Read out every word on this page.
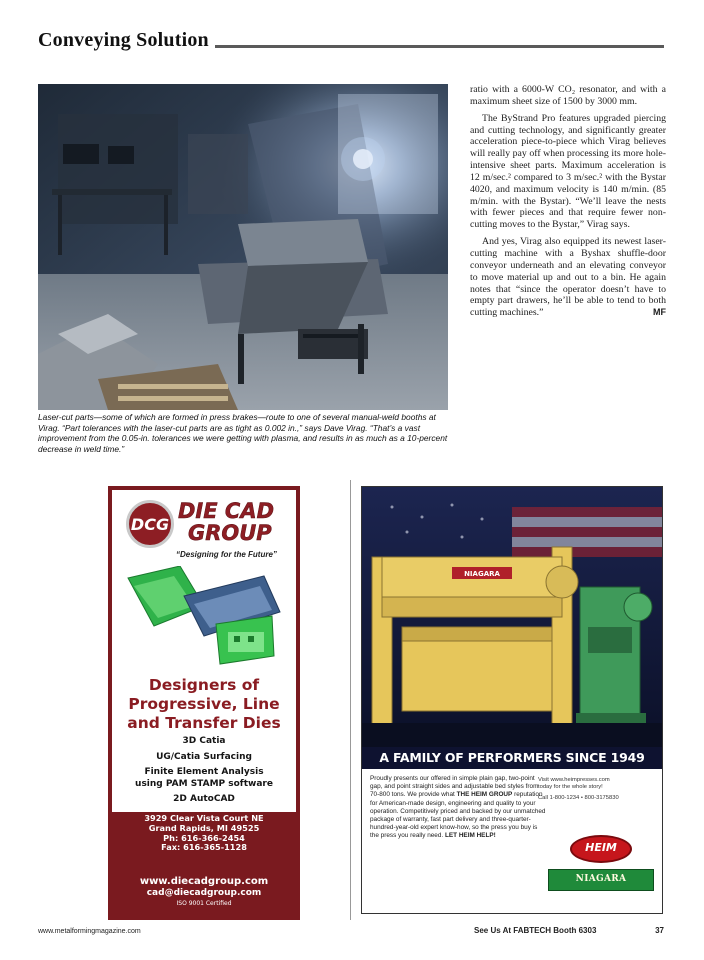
Conveying Solution
Laser-cut parts—some of which are formed in press brakes—route to one of several manual-weld booths at Virag. “Part tolerances with the laser-cut parts are as tight as 0.002 in.,” says Dave Virag. “That’s a vast improvement from the 0.05-in. tolerances we were getting with plasma, and results in as much as a 10-percent decrease in weld time.”

ratio with a 6000-W CO₂ resonator, and with a maximum sheet size of 1500 by 3000 mm.

The ByStrand Pro features upgraded piercing and cutting technology, and significantly greater acceleration piece-to-piece which Virag believes will really pay off when processing its more hole-intensive sheet parts. Maximum acceleration is 12 m/sec.² compared to 3 m/sec.² with the Bystar 4020, and maximum velocity is 140 m/min. (85 m/min. with the Bystar). “We’ll leave the nests with fewer pieces and that require fewer non-cutting moves to the Bystar,” Virag says.

And yes, Virag also equipped its newest laser-cutting machine with a Byshax shuffle-door conveyor underneath and an elevating conveyor to move material up and out to a bin. He again notes that “since the operator doesn’t have to empty part drawers, he’ll be able to tend to both cutting machines.”	MF

DCG
DIE CAD
GROUP
“Designing for the Future”
Designers of
Progressive, Line
and Transfer Dies
3D Catia
UG/Catia Surfacing
Finite Element Analysis
using PAM STAMP software
2D AutoCAD
3929 Clear Vista Court NE
Grand Rapids, MI 49525
Ph: 616-366-2454
Fax: 616-365-1128
www.diecadgroup.com
cad@diecadgroup.com
ISO 9001 Certified
NIAGARA
A FAMILY OF PERFORMERS SINCE 1949
Proudly presents our offered in simple plain gap, two-point gap, and point straight sides and adjustable bed styles from 70-800 tons. We provide what THE HEIM GROUP reputation for American-made design, engineering and quality to your operation. Competitively priced and backed by our unmatched package of warranty, fast part delivery and three-quarter-hundred-year-old expert know-how, so the press you buy is the press you really need. LET HEIM HELP!
Visit www.heimpresses.com
today for the whole story!
Call 1-800-1234 • 800-3175830
HEIM
NIAGARA
www.metalformingmagazine.com	See Us At FABTECH Booth 6303	37
